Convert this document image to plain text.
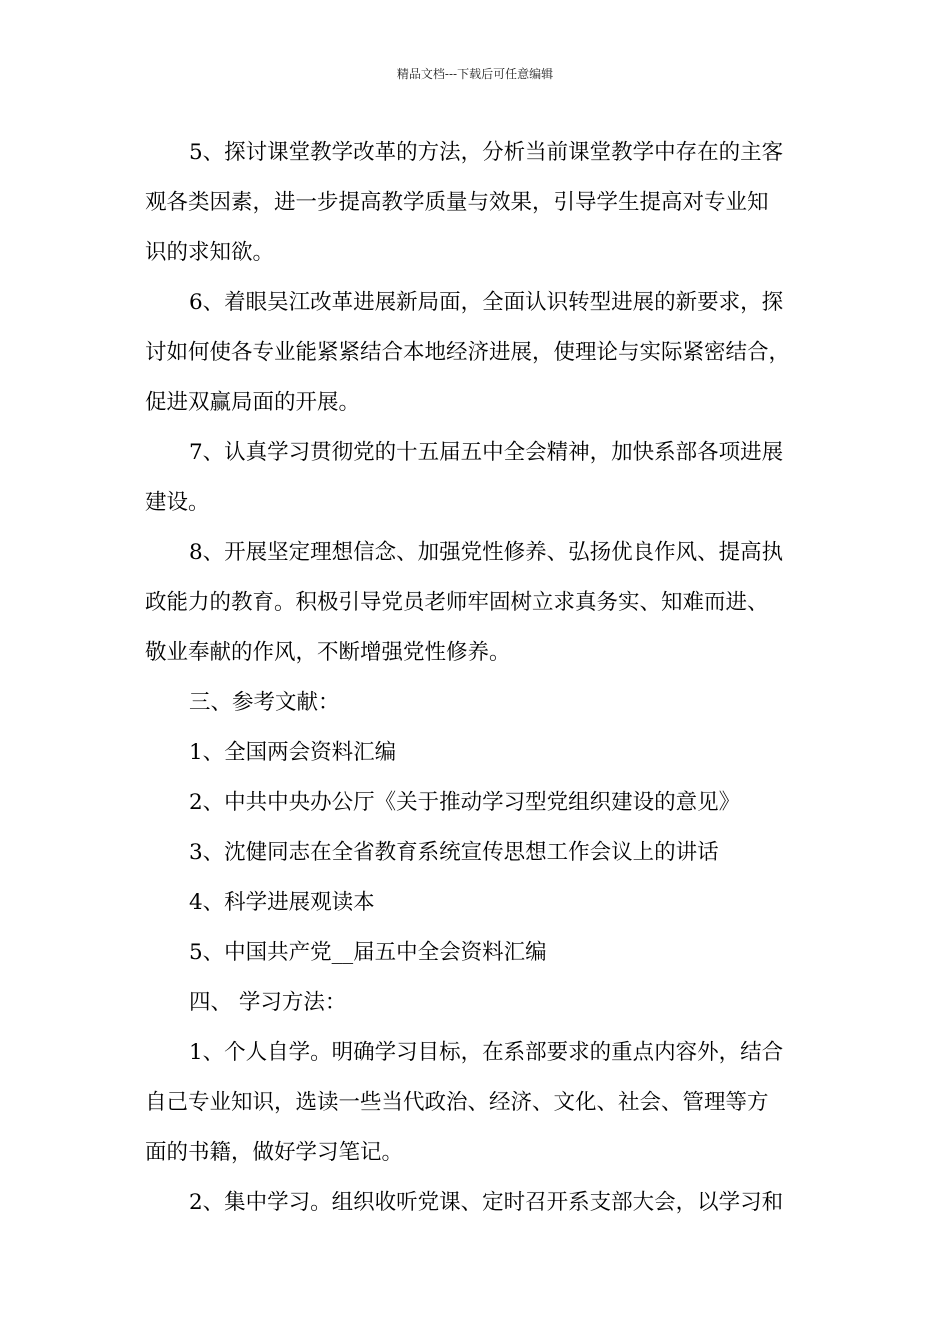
精品文档---下载后可任意编辑
5、探讨课堂教学改革的方法，分析当前课堂教学中存在的主客
观各类因素，进一步提高教学质量与效果，引导学生提高对专业知
识的求知欲。
6、着眼吴江改革进展新局面，全面认识转型进展的新要求，探
讨如何使各专业能紧紧结合本地经济进展，使理论与实际紧密结合，
促进双赢局面的开展。
7、认真学习贯彻党的十五届五中全会精神，加快系部各项进展
建设。
8、开展坚定理想信念、加强党性修养、弘扬优良作风、提高执
政能力的教育。积极引导党员老师牢固树立求真务实、知难而进、
敬业奉献的作风，不断增强党性修养。
三、参考文献：
1、全国两会资料汇编
2、中共中央办公厅《关于推动学习型党组织建设的意见》
3、沈健同志在全省教育系统宣传思想工作会议上的讲话
4、科学进展观读本
5、中国共产党__届五中全会资料汇编
四、 学习方法：
1、个人自学。明确学习目标，在系部要求的重点内容外，结合
自己专业知识，选读一些当代政治、经济、文化、社会、管理等方
面的书籍，做好学习笔记。
2、集中学习。组织收听党课、定时召开系支部大会，以学习和
